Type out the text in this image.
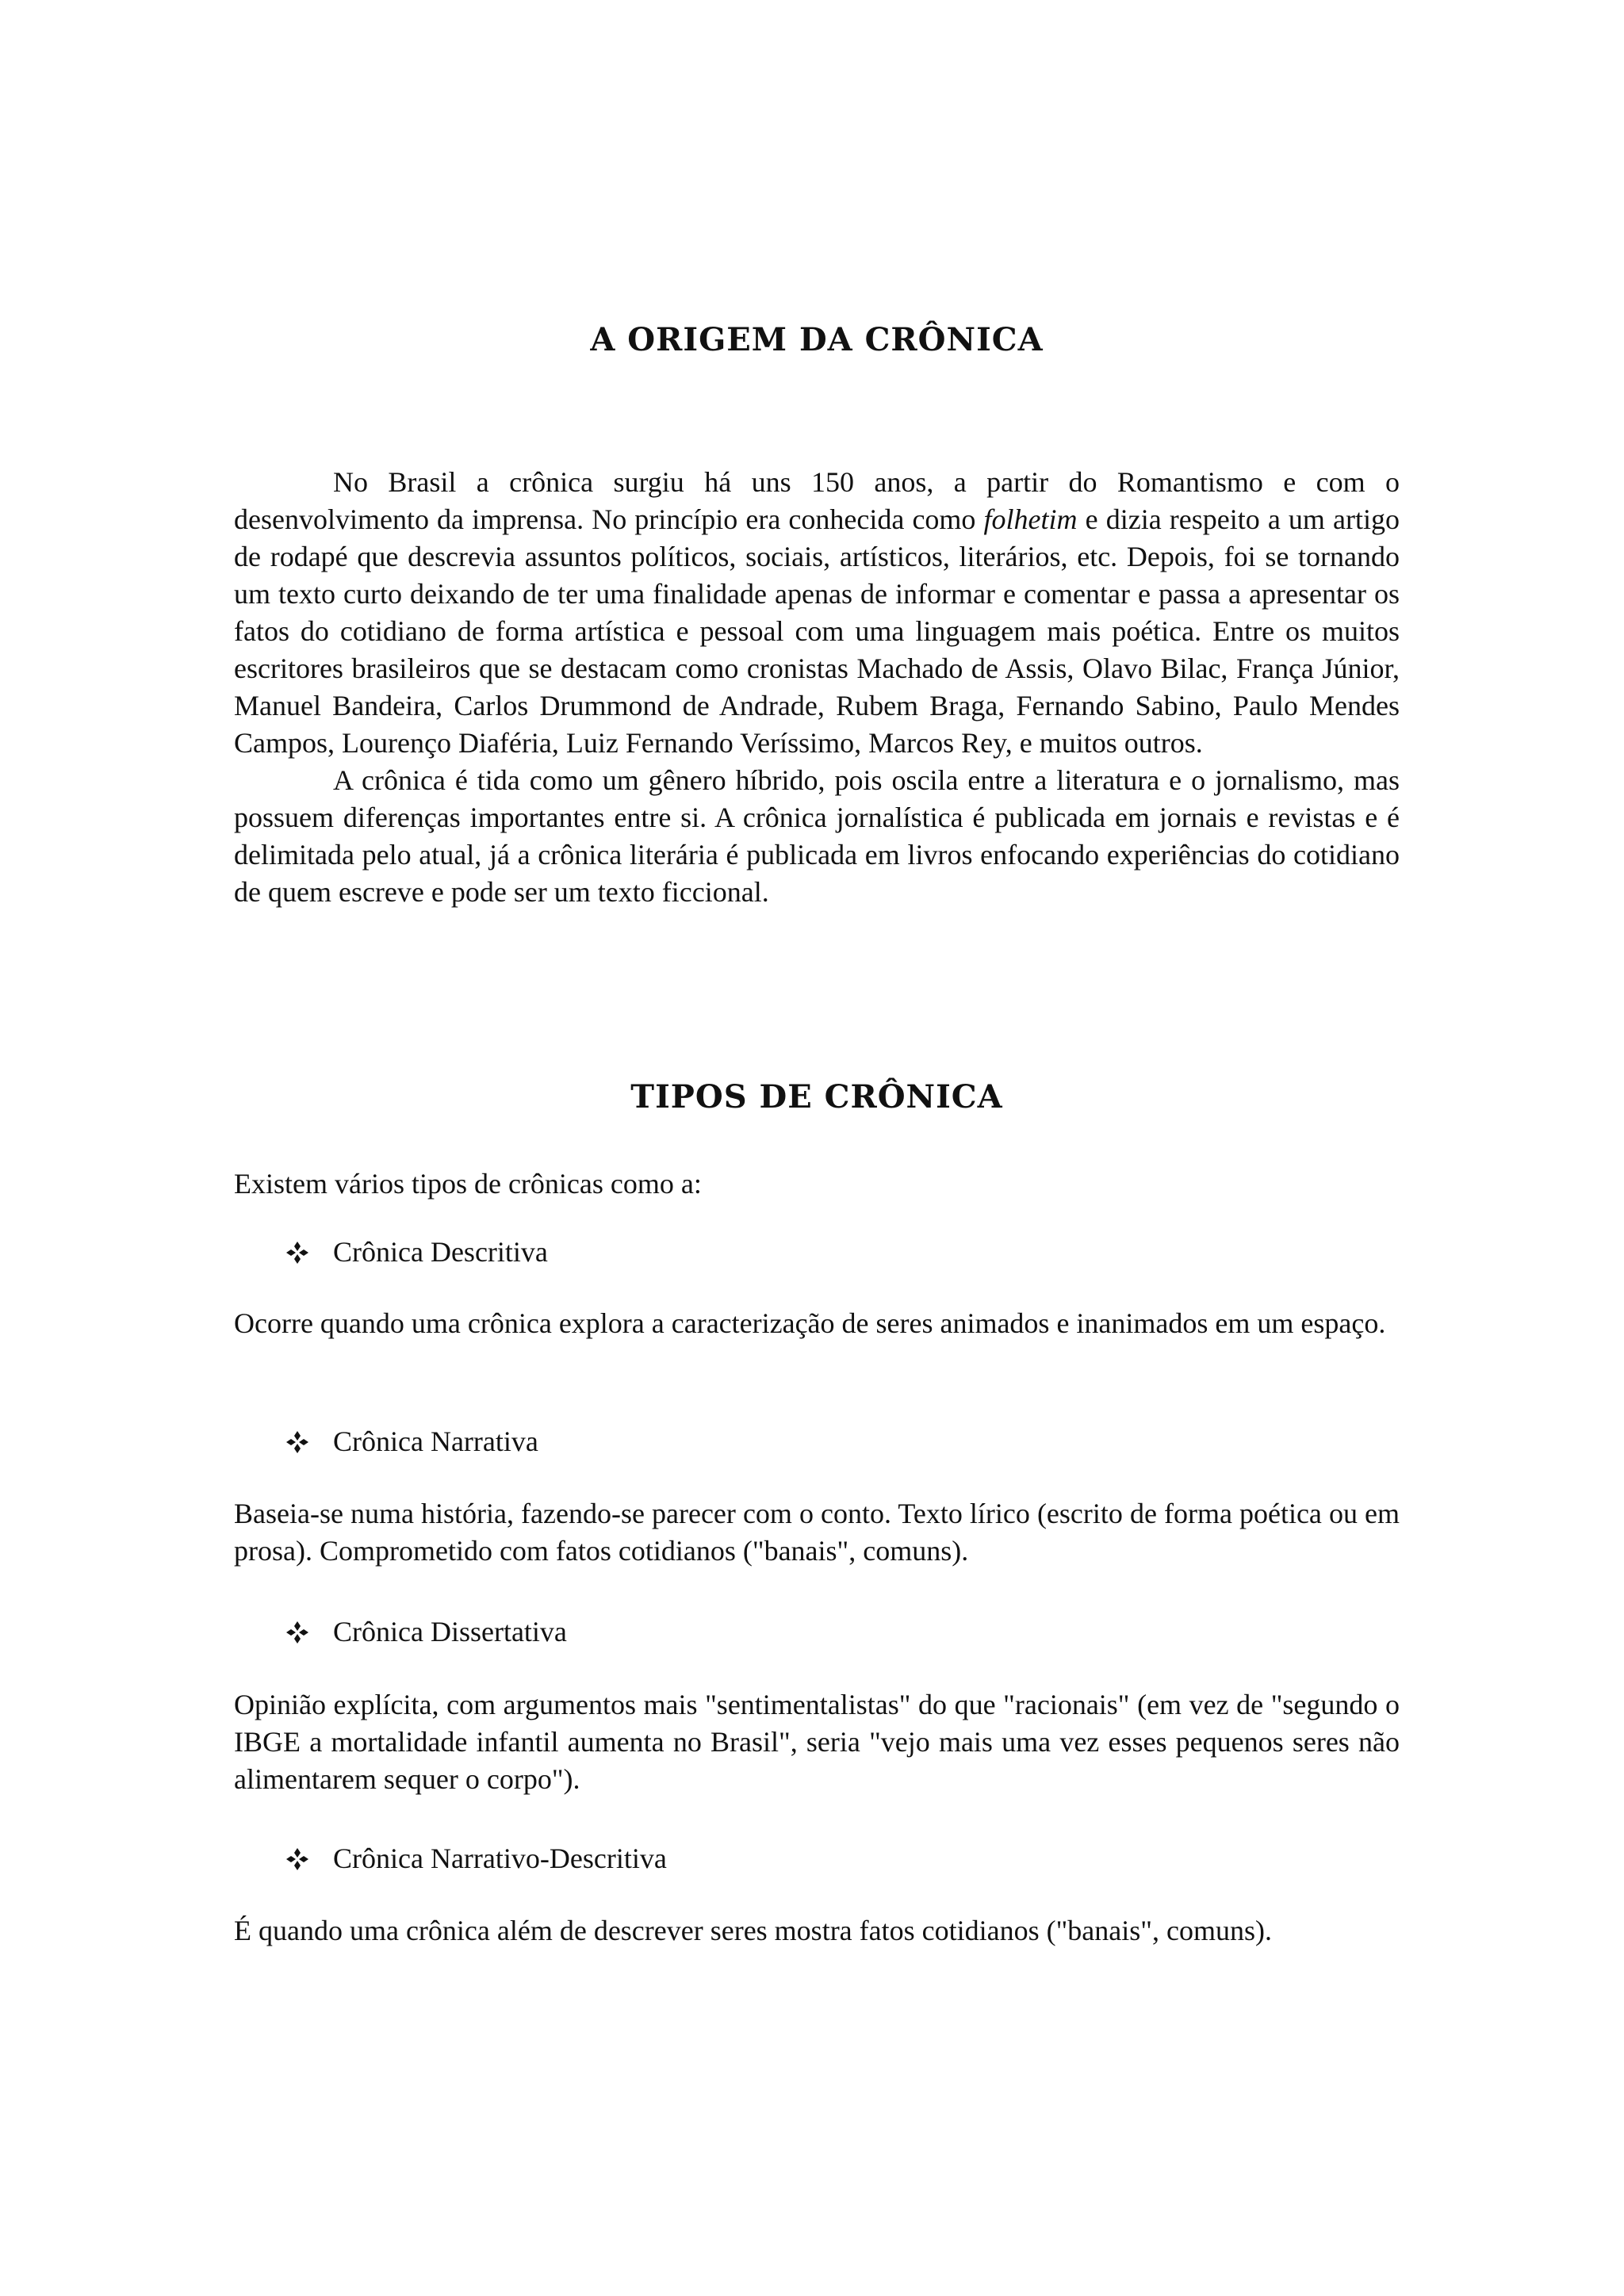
A ORIGEM DA CRÔNICA

No Brasil a crônica surgiu há uns 150 anos, a partir do Romantismo e com o desenvolvimento da imprensa. No princípio era conhecida como folhetim e dizia respeito a um artigo de rodapé que descrevia assuntos políticos, sociais, artísticos, literários, etc. Depois, foi se tornando um texto curto deixando de ter uma finalidade apenas de informar e comentar e passa a apresentar os fatos do cotidiano de forma artística e pessoal com uma linguagem mais poética. Entre os muitos escritores brasileiros que se destacam como cronistas Machado de Assis, Olavo Bilac, França Júnior, Manuel Bandeira, Carlos Drummond de Andrade, Rubem Braga, Fernando Sabino, Paulo Mendes Campos, Lourenço Diaféria, Luiz Fernando Veríssimo, Marcos Rey, e muitos outros.

A crônica é tida como um gênero híbrido, pois oscila entre a literatura e o jornalismo, mas possuem diferenças importantes entre si. A crônica jornalística é publicada em jornais e revistas e é delimitada pelo atual, já a crônica literária é publicada em livros enfocando experiências do cotidiano de quem escreve e pode ser um texto ficcional.

TIPOS DE CRÔNICA

Existem vários tipos de crônicas como a:

Crônica Descritiva

Ocorre quando uma crônica explora a caracterização de seres animados e inanimados em um espaço.

Crônica Narrativa

Baseia-se numa história, fazendo-se parecer com o conto. Texto lírico (escrito de forma poética ou em prosa). Comprometido com fatos cotidianos ("banais", comuns).

Crônica Dissertativa

Opinião explícita, com argumentos mais "sentimentalistas" do que "racionais" (em vez de "segundo o IBGE a mortalidade infantil aumenta no Brasil", seria "vejo mais uma vez esses pequenos seres não alimentarem sequer o corpo").

Crônica Narrativo-Descritiva

É quando uma crônica além de descrever seres mostra fatos cotidianos ("banais", comuns).
